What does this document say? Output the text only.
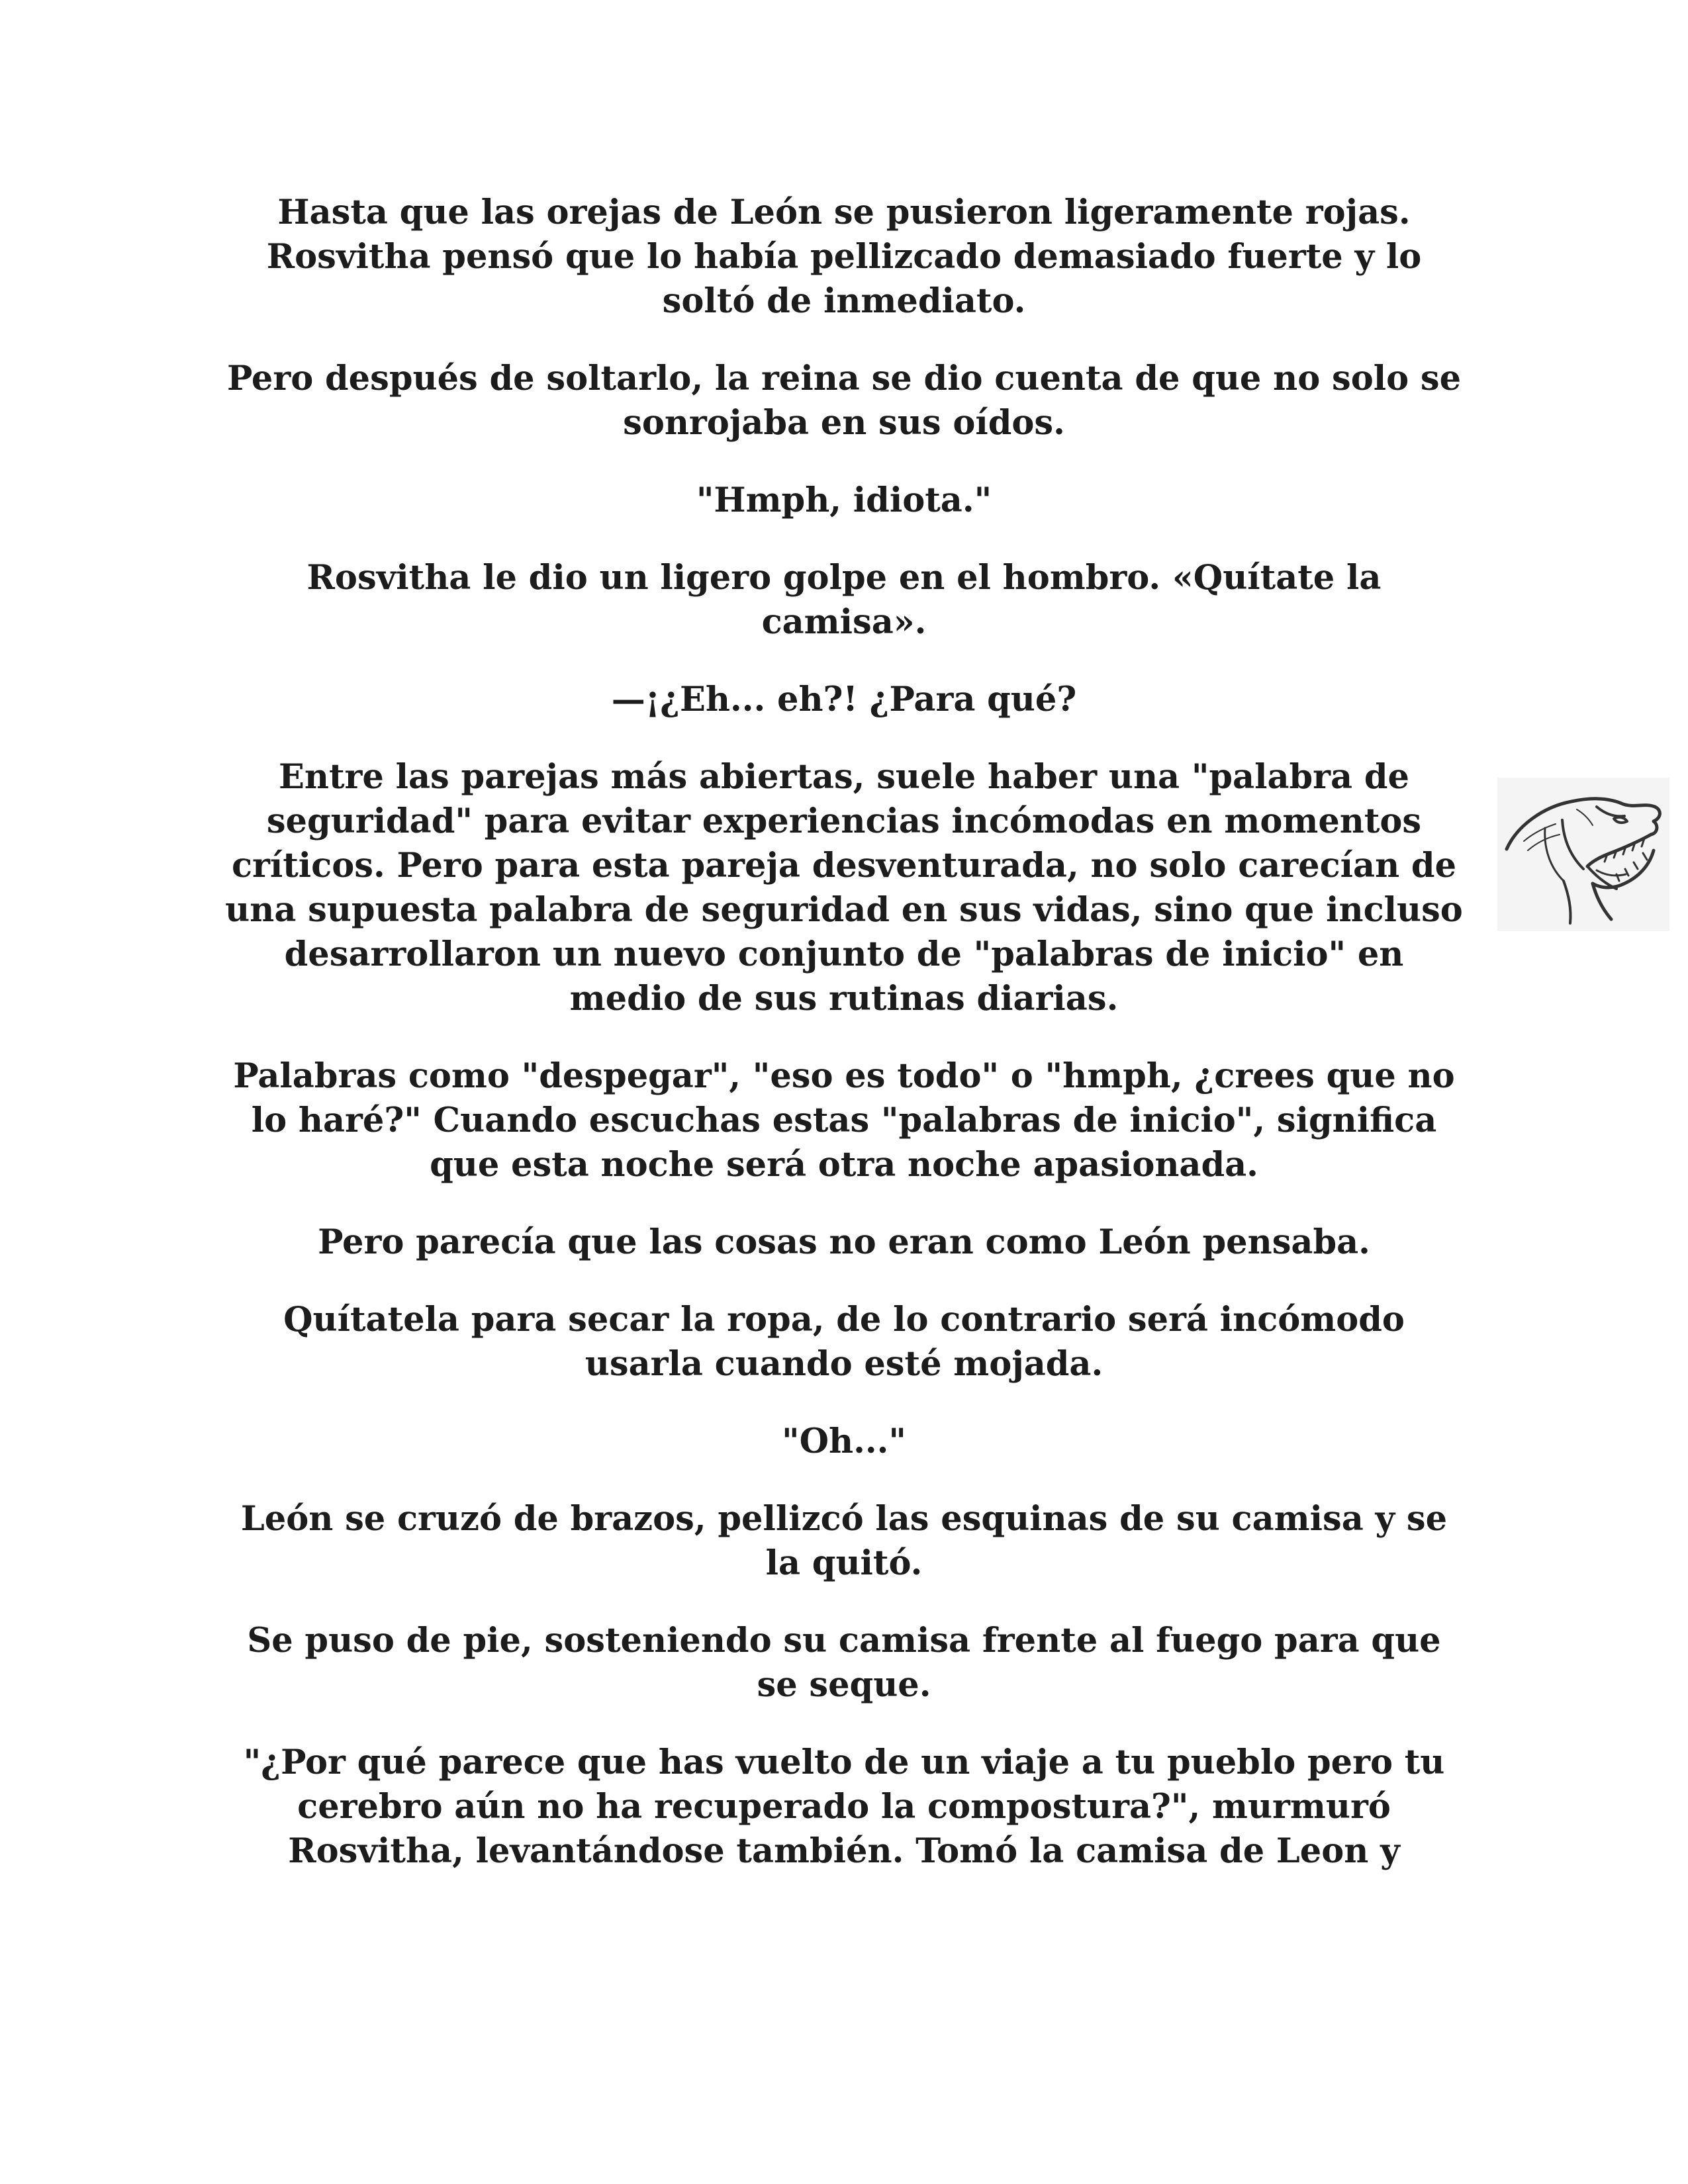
Hasta que las orejas de León se pusieron ligeramente rojas. Rosvitha pensó que lo había pellizcado demasiado fuerte y lo soltó de inmediato.

Pero después de soltarlo, la reina se dio cuenta de que no solo se sonrojaba en sus oídos.

"Hmph, idiota."

Rosvitha le dio un ligero golpe en el hombro. «Quítate la camisa».

—¡¿Eh... eh?! ¿Para qué?

Entre las parejas más abiertas, suele haber una "palabra de seguridad" para evitar experiencias incómodas en momentos críticos. Pero para esta pareja desventurada, no solo carecían de una supuesta palabra de seguridad en sus vidas, sino que incluso desarrollaron un nuevo conjunto de "palabras de inicio" en medio de sus rutinas diarias.

Palabras como "despegar", "eso es todo" o "hmph, ¿crees que no lo haré?" Cuando escuchas estas "palabras de inicio", significa que esta noche será otra noche apasionada.

Pero parecía que las cosas no eran como León pensaba.

Quítatela para secar la ropa, de lo contrario será incómodo usarla cuando esté mojada.

"Oh..."

León se cruzó de brazos, pellizcó las esquinas de su camisa y se la quitó.

Se puso de pie, sosteniendo su camisa frente al fuego para que se seque.

"¿Por qué parece que has vuelto de un viaje a tu pueblo pero tu cerebro aún no ha recuperado la compostura?", murmuró Rosvitha, levantándose también. Tomó la camisa de Leon y
